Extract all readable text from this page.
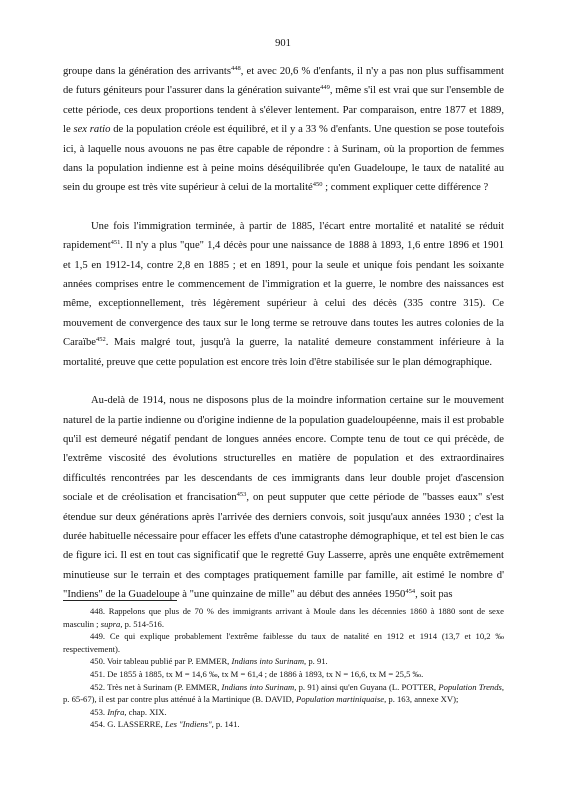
901

groupe dans la génération des arrivants$^{448}$, et avec 20,6 % d'enfants, il n'y a pas non plus suffisamment de futurs géniteurs pour l'assurer dans la génération suivante$^{449}$, même s'il est vrai que sur l'ensemble de cette période, ces deux proportions tendent à s'élever lentement. Par comparaison, entre 1877 et 1889, le sex ratio de la population créole est équilibré, et il y a 33 % d'enfants. Une question se pose toutefois ici, à laquelle nous avouons ne pas être capable de répondre : à Surinam, où la proportion de femmes dans la population indienne est à peine moins déséquilibrée qu'en Guadeloupe, le taux de natalité au sein du groupe est très vite supérieur à celui de la mortalité$^{450}$ ; comment expliquer cette différence ?

Une fois l'immigration terminée, à partir de 1885, l'écart entre mortalité et natalité se réduit rapidement$^{451}$. Il n'y a plus "que" 1,4 décès pour une naissance de 1888 à 1893, 1,6 entre 1896 et 1901 et 1,5 en 1912-14, contre 2,8 en 1885 ; et en 1891, pour la seule et unique fois pendant les soixante années comprises entre le commencement de l'immigration et la guerre, le nombre des naissances est même, exceptionnellement, très légèrement supérieur à celui des décès (335 contre 315). Ce mouvement de convergence des taux sur le long terme se retrouve dans toutes les autres colonies de la Caraïbe$^{452}$. Mais malgré tout, jusqu'à la guerre, la natalité demeure constamment inférieure à la mortalité, preuve que cette population est encore très loin d'être stabilisée sur le plan démographique.

Au-delà de 1914, nous ne disposons plus de la moindre information certaine sur le mouvement naturel de la partie indienne ou d'origine indienne de la population guadeloupéenne, mais il est probable qu'il est demeuré négatif pendant de longues années encore. Compte tenu de tout ce qui précède, de l'extrême viscosité des évolutions structurelles en matière de population et des extraordinaires difficultés rencontrées par les descendants de ces immigrants dans leur double projet d'ascension sociale et de créolisation et francisation$^{453}$, on peut supputer que cette période de "basses eaux" s'est étendue sur deux générations après l'arrivée des derniers convois, soit jusqu'aux années 1930 ; c'est la durée habituelle nécessaire pour effacer les effets d'une catastrophe démographique, et tel est bien le cas de figure ici. Il est en tout cas significatif que le regretté Guy Lasserre, après une enquête extrêmement minutieuse sur le terrain et des comptages pratiquement famille par famille, ait estimé le nombre d' "Indiens" de la Guadeloupe à "une quinzaine de mille" au début des années 1950$^{454}$, soit pas

448. Rappelons que plus de 70 % des immigrants arrivant à Moule dans les décennies 1860 à 1880 sont de sexe masculin ; supra, p. 514-516.

449. Ce qui explique probablement l'extrême faiblesse du taux de natalité en 1912 et 1914 (13,7 et 10,2 ‰ respectivement).

450. Voir tableau publié par P. EMMER, Indians into Surinam, p. 91.

451. De 1855 à 1885, tx M = 14,6 ‰, tx M = 61,4 ; de 1886 à 1893, tx N = 16,6, tx M = 25,5 ‰.

452. Très net à Surinam (P. EMMER, Indians into Surinam, p. 91) ainsi qu'en Guyana (L. POTTER, Population Trends, p. 65-67), il est par contre plus atténué à la Martinique (B. DAVID, Population martiniquaise, p. 163, annexe XV);

453. Infra, chap. XIX.

454. G. LASSERRE, Les "Indiens", p. 141.
